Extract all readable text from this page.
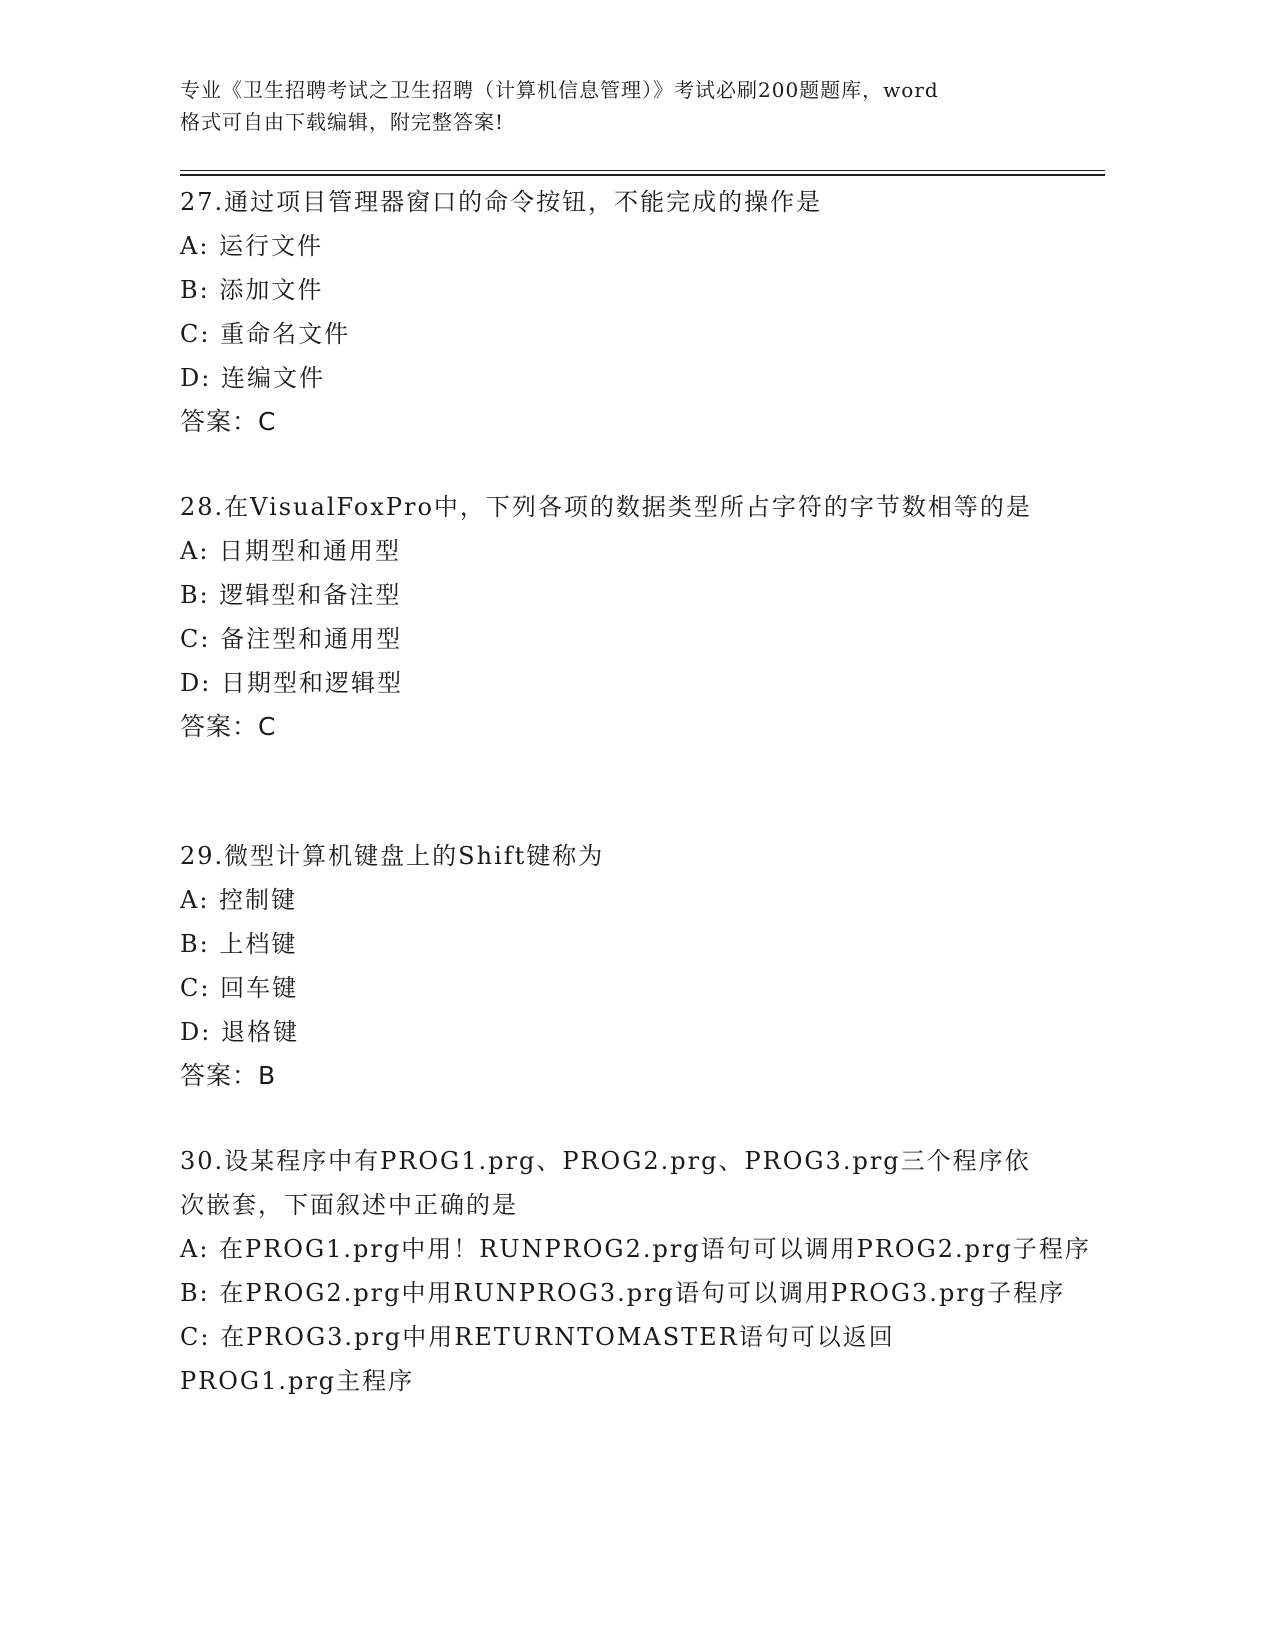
专业《卫生招聘考试之卫生招聘（计算机信息管理）》考试必刷200题题库，word
格式可自由下载编辑，附完整答案!

27.通过项目管理器窗口的命令按钮，不能完成的操作是

A: 运行文件

B: 添加文件

C: 重命名文件

D: 连编文件

答案：C

28.在VisualFoxPro中，下列各项的数据类型所占字符的字节数相等的是

A: 日期型和通用型

B: 逻辑型和备注型

C: 备注型和通用型

D: 日期型和逻辑型

答案：C

29.微型计算机键盘上的Shift键称为

A: 控制键

B: 上档键

C: 回车键

D: 退格键

答案：B

30.设某程序中有PROG1.prg、PROG2.prg、PROG3.prg三个程序依次嵌套，下面叙述中正确的是

A: 在PROG1.prg中用！RUNPROG2.prg语句可以调用PROG2.prg子程序

B: 在PROG2.prg中用RUNPROG3.prg语句可以调用PROG3.prg子程序

C: 在PROG3.prg中用RETURNTOMASTER语句可以返回PROG1.prg主程序
